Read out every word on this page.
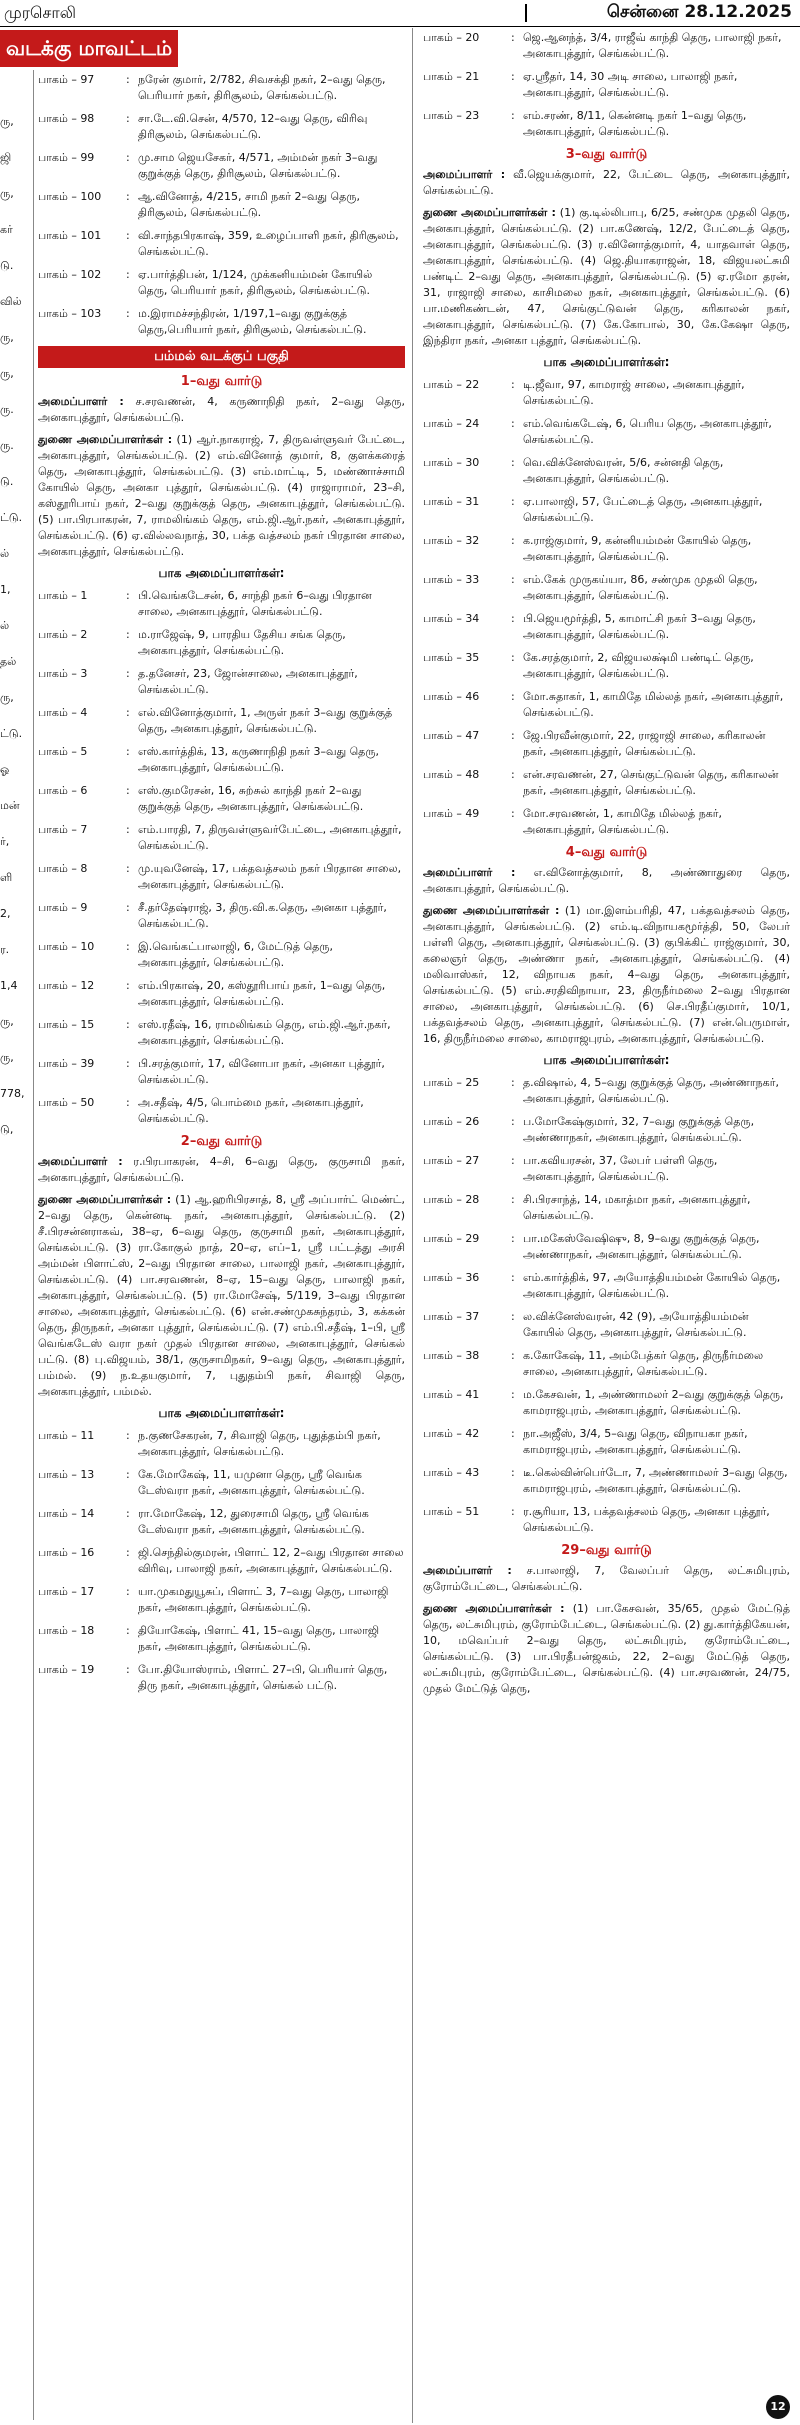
முரசொலி	சென்னை 28.12.2025
வடக்கு மாவட்டம்
ரு,
ஜி
ரு,
கர்
டு.
வில்
ரு,
ரு,
ரு.
ரு.
டு.
ட்டு.
ல்
1,
ல்
தல்
ரு,
ட்டு.
ஓ
மன்
ர்,
ளி
2,
ர.
1,4
ரு,
ரு,
778,
டு,
பாகம் – 97	: நரேன் குமார், 2/782, சிவசக்தி நகர், 2–வது தெரு, பெரியார் நகர், திரிசூலம், செங்கல்பட்டு.
பாகம் – 98	: சா.டே.வி.சென், 4/570, 12–வது தெரு, விரிவு திரிசூலம், செங்கல்பட்டு.
பாகம் – 99	: மு.சாம ஜெயசேகர், 4/571, அம்மன் நகர் 3–வது குறுக்குத் தெரு, திரிசூலம், செங்கல்பட்டு.
பாகம் – 100	: ஆ.வினோத், 4/215, சாமி நகர் 2–வது தெரு, திரிசூலம், செங்கல்பட்டு.
பாகம் – 101	: வி.சாந்தபிரகாஷ், 359, உழைப்பாளி நகர், திரிசூலம், செங்கல்பட்டு.
பாகம் – 102	: ஏ.பார்த்திபன், 1/124, முக்கனியம்மன் கோயில் தெரு, பெரியார் நகர், திரிசூலம், செங்கல்பட்டு.
பாகம் – 103	: ம.இராமச்சந்திரன், 1/197,1–வது குறுக்குத் தெரு,பெரியார் நகர், திரிசூலம், செங்கல்பட்டு.
பம்மல் வடக்குப் பகுதி
1–வது வார்டு
அமைப்பாளர் : ச.சரவணன், 4, கருணாநிதி நகர், 2–வது தெரு, அனகாபுத்தூர், செங்கல்பட்டு.
துணை அமைப்பாளர்கள் : (1) ஆர்.நாகராஜ், 7, திருவள்ளுவர் பேட்டை, அனகாபுத்தூர், செங்கல்பட்டு. (2) எம்.வினோத் குமார், 8, குளக்கரைத் தெரு, அனகாபுத்தூர், செங்கல்பட்டு. (3) எம்.மாட்டி, 5, மண்ணாச்சாமி கோயில் தெரு, அனகா புத்தூர், செங்கல்பட்டு. (4) ராஜாராமர், 23–சி, கஸ்தூரிபாய் நகர், 2–வது குறுக்குத் தெரு, அனகாபுத்தூர், செங்கல்பட்டு. (5) பா.பிரபாகரன், 7, ராமலிங்கம் தெரு, எம்.ஜி.ஆர்.நகர், அனகாபுத்தூர், செங்கல்பட்டு. (6) ஏ.வில்லவநாத், 30, பக்த வத்சலம் நகர் பிரதான சாலை, அனகாபுத்தூர், செங்கல்பட்டு.
பாக அமைப்பாளர்கள்:
பாகம் – 1	: பி.வெங்கடேசன், 6, சாந்தி நகர் 6–வது பிரதான சாலை, அனகாபுத்தூர், செங்கல்பட்டு.
பாகம் – 2	: ம.ராஜேஷ், 9, பாரதிய தேசிய சங்க தெரு, அனகாபுத்தூர், செங்கல்பட்டு.
பாகம் – 3	: த.தனேசர், 23, ஜோன்சாலை, அனகாபுத்தூர், செங்கல்பட்டு.
பாகம் – 4	: எல்.வினோத்குமார், 1, அருள் நகர் 3–வது குறுக்குத் தெரு, அனகாபுத்தூர், செங்கல்பட்டு.
பாகம் – 5	: எஸ்.கார்த்திக், 13, கருணாநிதி நகர் 3–வது தெரு, அனகாபுத்தூர், செங்கல்பட்டு.
பாகம் – 6	: எஸ்.குமரேசன், 16, சுற்சுல் காந்தி நகர் 2–வது குறுக்குத் தெரு, அனகாபுத்தூர், செங்கல்பட்டு.
பாகம் – 7	: எம்.பாரதி, 7, திருவள்ளுவர்பேட்டை, அனகாபுத்தூர், செங்கல்பட்டு.
பாகம் – 8	: மு.யுவனேஷ், 17, பக்தவத்சலம் நகர் பிரதான சாலை, அனகாபுத்தூர், செங்கல்பட்டு.
பாகம் – 9	: சீ.தர்தேஷ்ராஜ், 3, திரு.வி.க.தெரு, அனகா புத்தூர், செங்கல்பட்டு.
பாகம் – 10	: இ.வெங்கட்பாலாஜி, 6, மேட்டுத் தெரு, அனகாபுத்தூர், செங்கல்பட்டு.
பாகம் – 12	: எம்.பிரகாஷ், 20, கஸ்தூரிபாய் நகர், 1–வது தெரு, அனகாபுத்தூர், செங்கல்பட்டு.
பாகம் – 15	: எஸ்.ரதீஷ், 16, ராமலிங்கம் தெரு, எம்.ஜி.ஆர்.நகர், அனகாபுத்தூர், செங்கல்பட்டு.
பாகம் – 39	: பி.சரத்குமார், 17, வினோபா நகர், அனகா புத்தூர், செங்கல்பட்டு.
பாகம் – 50	: அ.சதீஷ், 4/5, பொம்மை நகர், அனகாபுத்தூர், செங்கல்பட்டு.
2–வது வார்டு
அமைப்பாளர் : ர.பிரபாகரன், 4–சி, 6–வது தெரு, குருசாமி நகர், அனகாபுத்தூர், செங்கல்பட்டு.
துணை அமைப்பாளர்கள் : (1) ஆ.ஹரிபிரசாத், 8, ஸ்ரீ அப்பார்ட் மெண்ட், 2–வது தெரு, கென்னடி நகர், அனகாபுத்தூர், செங்கல்பட்டு. (2) சீ.பிரசன்னராகவ், 38–ஏ, 6–வது தெரு, குருசாமி நகர், அனகாபுத்தூர், செங்கல்பட்டு. (3) ரா.கோகுல் நாத், 20–ஏ, எப்–1, ஸ்ரீ பட்டத்து அரசி அம்மன் பிளாட்ஸ், 2–வது பிரதான சாலை, பாலாஜி நகர், அனகாபுத்தூர், செங்கல்பட்டு. (4) பா.சரவணன், 8–ஏ, 15–வது தெரு, பாலாஜி நகர், அனகாபுத்தூர், செங்கல்பட்டு. (5) ரா.மோசேஷ், 5/119, 3–வது பிரதான சாலை, அனகாபுத்தூர், செங்கல்பட்டு. (6) என்.சண்முகசுந்தரம், 3, கக்கன் தெரு, திருநகர், அனகா புத்தூர், செங்கல்பட்டு. (7) எம்.பி.சதீஷ், 1–பி, ஸ்ரீ வெங்கடேஸ் வரா நகர் முதல் பிரதான சாலை, அனகாபுத்தூர், செங்கல் பட்டு. (8) பு.விஜயம், 38/1, குருசாமிநகர், 9–வது தெரு, அனகாபுத்தூர், பம்மல். (9) ந.உதயகுமார், 7, புதுதம்பி நகர், சிவாஜி தெரு, அனகாபுத்தூர், பம்மல்.
பாக அமைப்பாளர்கள்:
பாகம் – 11	: ந.குணசேகரன், 7, சிவாஜி தெரு, புதுத்தம்பி நகர், அனகாபுத்தூர், செங்கல்பட்டு.
பாகம் – 13	: கே.மோகேஷ், 11, யமுனா தெரு, ஸ்ரீ வெங்க டேஸ்வரா நகர், அனகாபுத்தூர், செங்கல்பட்டு.
பாகம் – 14	: ரா.மோகேஷ், 12, துரைசாமி தெரு, ஸ்ரீ வெங்க டேஸ்வரா நகர், அனகாபுத்தூர், செங்கல்பட்டு.
பாகம் – 16	: ஜி.செந்தில்குமரன், பிளாட் 12, 2–வது பிரதான சாலை விரிவு, பாலாஜி நகர், அனகாபுத்தூர், செங்கல்பட்டு.
பாகம் – 17	: யா.முகமதுயூசுப், பிளாட் 3, 7–வது தெரு, பாலாஜி நகர், அனகாபுத்தூர், செங்கல்பட்டு.
பாகம் – 18	: தியோகேஷ், பிளாட் 41, 15–வது தெரு, பாலாஜி நகர், அனகாபுத்தூர், செங்கல்பட்டு.
பாகம் – 19	: போ.தியோஸ்ராம், பிளாட் 27–பி, பெரியார் தெரு, திரு நகர், அனகாபுத்தூர், செங்கல் பட்டு.
பாகம் – 20	: ஜெ.ஆனந்த், 3/4, ராஜீவ் காந்தி தெரு, பாலாஜி நகர், அனகாபுத்தூர், செங்கல்பட்டு.
பாகம் – 21	: ஏ.ஸ்ரீதர், 14, 30 அடி சாலை, பாலாஜி நகர், அனகாபுத்தூர், செங்கல்பட்டு.
பாகம் – 23	: எம்.சரண், 8/11, கென்னடி நகர் 1–வது தெரு, அனகாபுத்தூர், செங்கல்பட்டு.
3–வது வார்டு
அமைப்பாளர் : வீ.ஜெயக்குமார், 22, பேட்டை தெரு, அனகாபுத்தூர், செங்கல்பட்டு.
துணை அமைப்பாளர்கள் : (1) கு.டில்லிபாபு, 6/25, சண்முக முதலி தெரு, அனகாபுத்தூர், செங்கல்பட்டு. (2) பா.கணேஷ், 12/2, பேட்டைத் தெரு, அனகாபுத்தூர், செங்கல்பட்டு. (3) ர.வினோத்குமார், 4, யாதவாள் தெரு, அனகாபுத்தூர், செங்கல்பட்டு. (4) ஜெ.தியாகராஜன், 18, விஜயலட்சுமி பண்டிட் 2–வது தெரு, அனகாபுத்தூர், செங்கல்பட்டு. (5) ஏ.ரமோ தரன், 31, ராஜாஜி சாலை, காசிமலை நகர், அனகாபுத்தூர், செங்கல்பட்டு. (6) பா.மணிகண்டன், 47, செங்குட்டுவன் தெரு, கரிகாலன் நகர், அனகாபுத்தூர், செங்கல்பட்டு. (7) கே.கோபால், 30, கே.கேஷா தெரு, இந்திரா நகர், அனகா புத்தூர், செங்கல்பட்டு.
பாக அமைப்பாளர்கள்:
பாகம் – 22	: டி.ஜீவா, 97, காமராஜ் சாலை, அனகாபுத்தூர், செங்கல்பட்டு.
பாகம் – 24	: எம்.வெங்கடேஷ், 6, பெரிய தெரு, அனகாபுத்தூர், செங்கல்பட்டு.
பாகம் – 30	: வெ.விக்னேஸ்வரன், 5/6, சன்னதி தெரு, அனகாபுத்தூர், செங்கல்பட்டு.
பாகம் – 31	: ஏ.பாலாஜி, 57, பேட்டைத் தெரு, அனகாபுத்தூர், செங்கல்பட்டு.
பாகம் – 32	: க.ராஜ்குமார், 9, கன்னியம்மன் கோயில் தெரு, அனகாபுத்தூர், செங்கல்பட்டு.
பாகம் – 33	: எம்.கேக் முருகய்யா, 86, சண்முக முதலி தெரு, அனகாபுத்தூர், செங்கல்பட்டு.
பாகம் – 34	: பி.ஜெயமூர்த்தி, 5, காமாட்சி நகர் 3–வது தெரு, அனகாபுத்தூர், செங்கல்பட்டு.
பாகம் – 35	: கே.சரத்குமார், 2, விஜயலக்ஷ்மி பண்டிட் தெரு, அனகாபுத்தூர், செங்கல்பட்டு.
பாகம் – 46	: மோ.சுதாகர், 1, காமிதே மில்லத் நகர், அனகாபுத்தூர், செங்கல்பட்டு.
பாகம் – 47	: ஜே.பிரவீன்குமார், 22, ராஜாஜி சாலை, கரிகாலன் நகர், அனகாபுத்தூர், செங்கல்பட்டு.
பாகம் – 48	: என்.சரவணன், 27, செங்குட்டுவன் தெரு, கரிகாலன் நகர், அனகாபுத்தூர், செங்கல்பட்டு.
பாகம் – 49	: மோ.சரவணன், 1, காமிதே மில்லத் நகர், அனகாபுத்தூர், செங்கல்பட்டு.
4–வது வார்டு
அமைப்பாளர் : எ.வினோத்குமார், 8, அண்ணாதுரை தெரு, அனகாபுத்தூர், செங்கல்பட்டு.
துணை அமைப்பாளர்கள் : (1) மா.இளம்பரிதி, 47, பக்தவத்சலம் தெரு, அனகாபுத்தூர், செங்கல்பட்டு. (2) எம்.டி.விநாயகமூர்த்தி, 50, லேபர் பள்ளி தெரு, அனகாபுத்தூர், செங்கல்பட்டு. (3) குபிக்கிட் ராஜ்குமார், 30, கலைஞர் தெரு, அண்ணா நகர், அனகாபுத்தூர், செங்கல்பட்டு. (4) மலிவாஸ்கர், 12, விநாயக நகர், 4–வது தெரு, அனகாபுத்தூர், செங்கல்பட்டு. (5) எம்.சரதிவிநாயா, 23, திருநீர்மலை 2–வது பிரதான சாலை, அனகாபுத்தூர், செங்கல்பட்டு. (6) செ.பிரதீப்குமார், 10/1, பக்தவத்சலம் தெரு, அனகாபுத்தூர், செங்கல்பட்டு. (7) என்.பெருமாள், 16, திருநீர்மலை சாலை, காமராஜபுரம், அனகாபுத்தூர், செங்கல்பட்டு.
பாக அமைப்பாளர்கள்:
பாகம் – 25	: த.விஷால், 4, 5–வது குறுக்குத் தெரு, அண்ணாநகர், அனகாபுத்தூர், செங்கல்பட்டு.
பாகம் – 26	: ப.மோகேஷ்குமார், 32, 7–வது குறுக்குத் தெரு, அண்ணாநகர், அனகாபுத்தூர், செங்கல்பட்டு.
பாகம் – 27	: பா.கவியரசன், 37, லேபர் பள்ளி தெரு, அனகாபுத்தூர், செங்கல்பட்டு.
பாகம் – 28	: சி.பிரசாந்த், 14, மகாத்மா நகர், அனகாபுத்தூர், செங்கல்பட்டு.
பாகம் – 29	: பா.மகேஸ்வேஷிஷு, 8, 9–வது குறுக்குத் தெரு, அண்ணாநகர், அனகாபுத்தூர், செங்கல்பட்டு.
பாகம் – 36	: எம்.கார்த்திக், 97, அயோத்தியம்மன் கோயில் தெரு, அனகாபுத்தூர், செங்கல்பட்டு.
பாகம் – 37	: ல.விக்னேஸ்வரன், 42 (9), அயோத்தியம்மன் கோயில் தெரு, அனகாபுத்தூர், செங்கல்பட்டு.
பாகம் – 38	: க.கோகேஷ், 11, அம்பேத்கர் தெரு, திருநீர்மலை சாலை, அனகாபுத்தூர், செங்கல்பட்டு.
பாகம் – 41	: ம.கேசவன், 1, அண்ணாமலர் 2–வது குறுக்குத் தெரு, காமராஜபுரம், அனகாபுத்தூர், செங்கல்பட்டு.
பாகம் – 42	: நா.அஜீஸ், 3/4, 5–வது தெரு, விநாயகா நகர், காமராஜபுரம், அனகாபுத்தூர், செங்கல்பட்டு.
பாகம் – 43	: டீ.கெல்வின்பெர்டோ, 7, அண்ணாமலர் 3–வது தெரு, காமராஜபுரம், அனகாபுத்தூர், செங்கல்பட்டு.
பாகம் – 51	: ர.சூரியா, 13, பக்தவத்சலம் தெரு, அனகா புத்தூர், செங்கல்பட்டு.
29–வது வார்டு
அமைப்பாளர் : ச.பாலாஜி, 7, வேலப்பர் தெரு, லட்சுமிபுரம், குரோம்பேட்டை, செங்கல்பட்டு.
துணை அமைப்பாளர்கள் : (1) பா.கேசவன், 35/65, முதல் மேட்டுத் தெரு, லட்சுமிபுரம், குரோம்பேட்டை, செங்கல்பட்டு. (2) து.கார்த்திகேயன், 10, மவெப்பர் 2–வது தெரு, லட்சுமிபுரம், குரோம்பேட்டை, செங்கல்பட்டு. (3) பா.பிரதீபன்ஜகம், 22, 2–வது மேட்டுத் தெரு, லட்சுமிபுரம், குரோம்பேட்டை, செங்கல்பட்டு. (4) பா.சரவணன், 24/75, முதல் மேட்டுத் தெரு,
12
